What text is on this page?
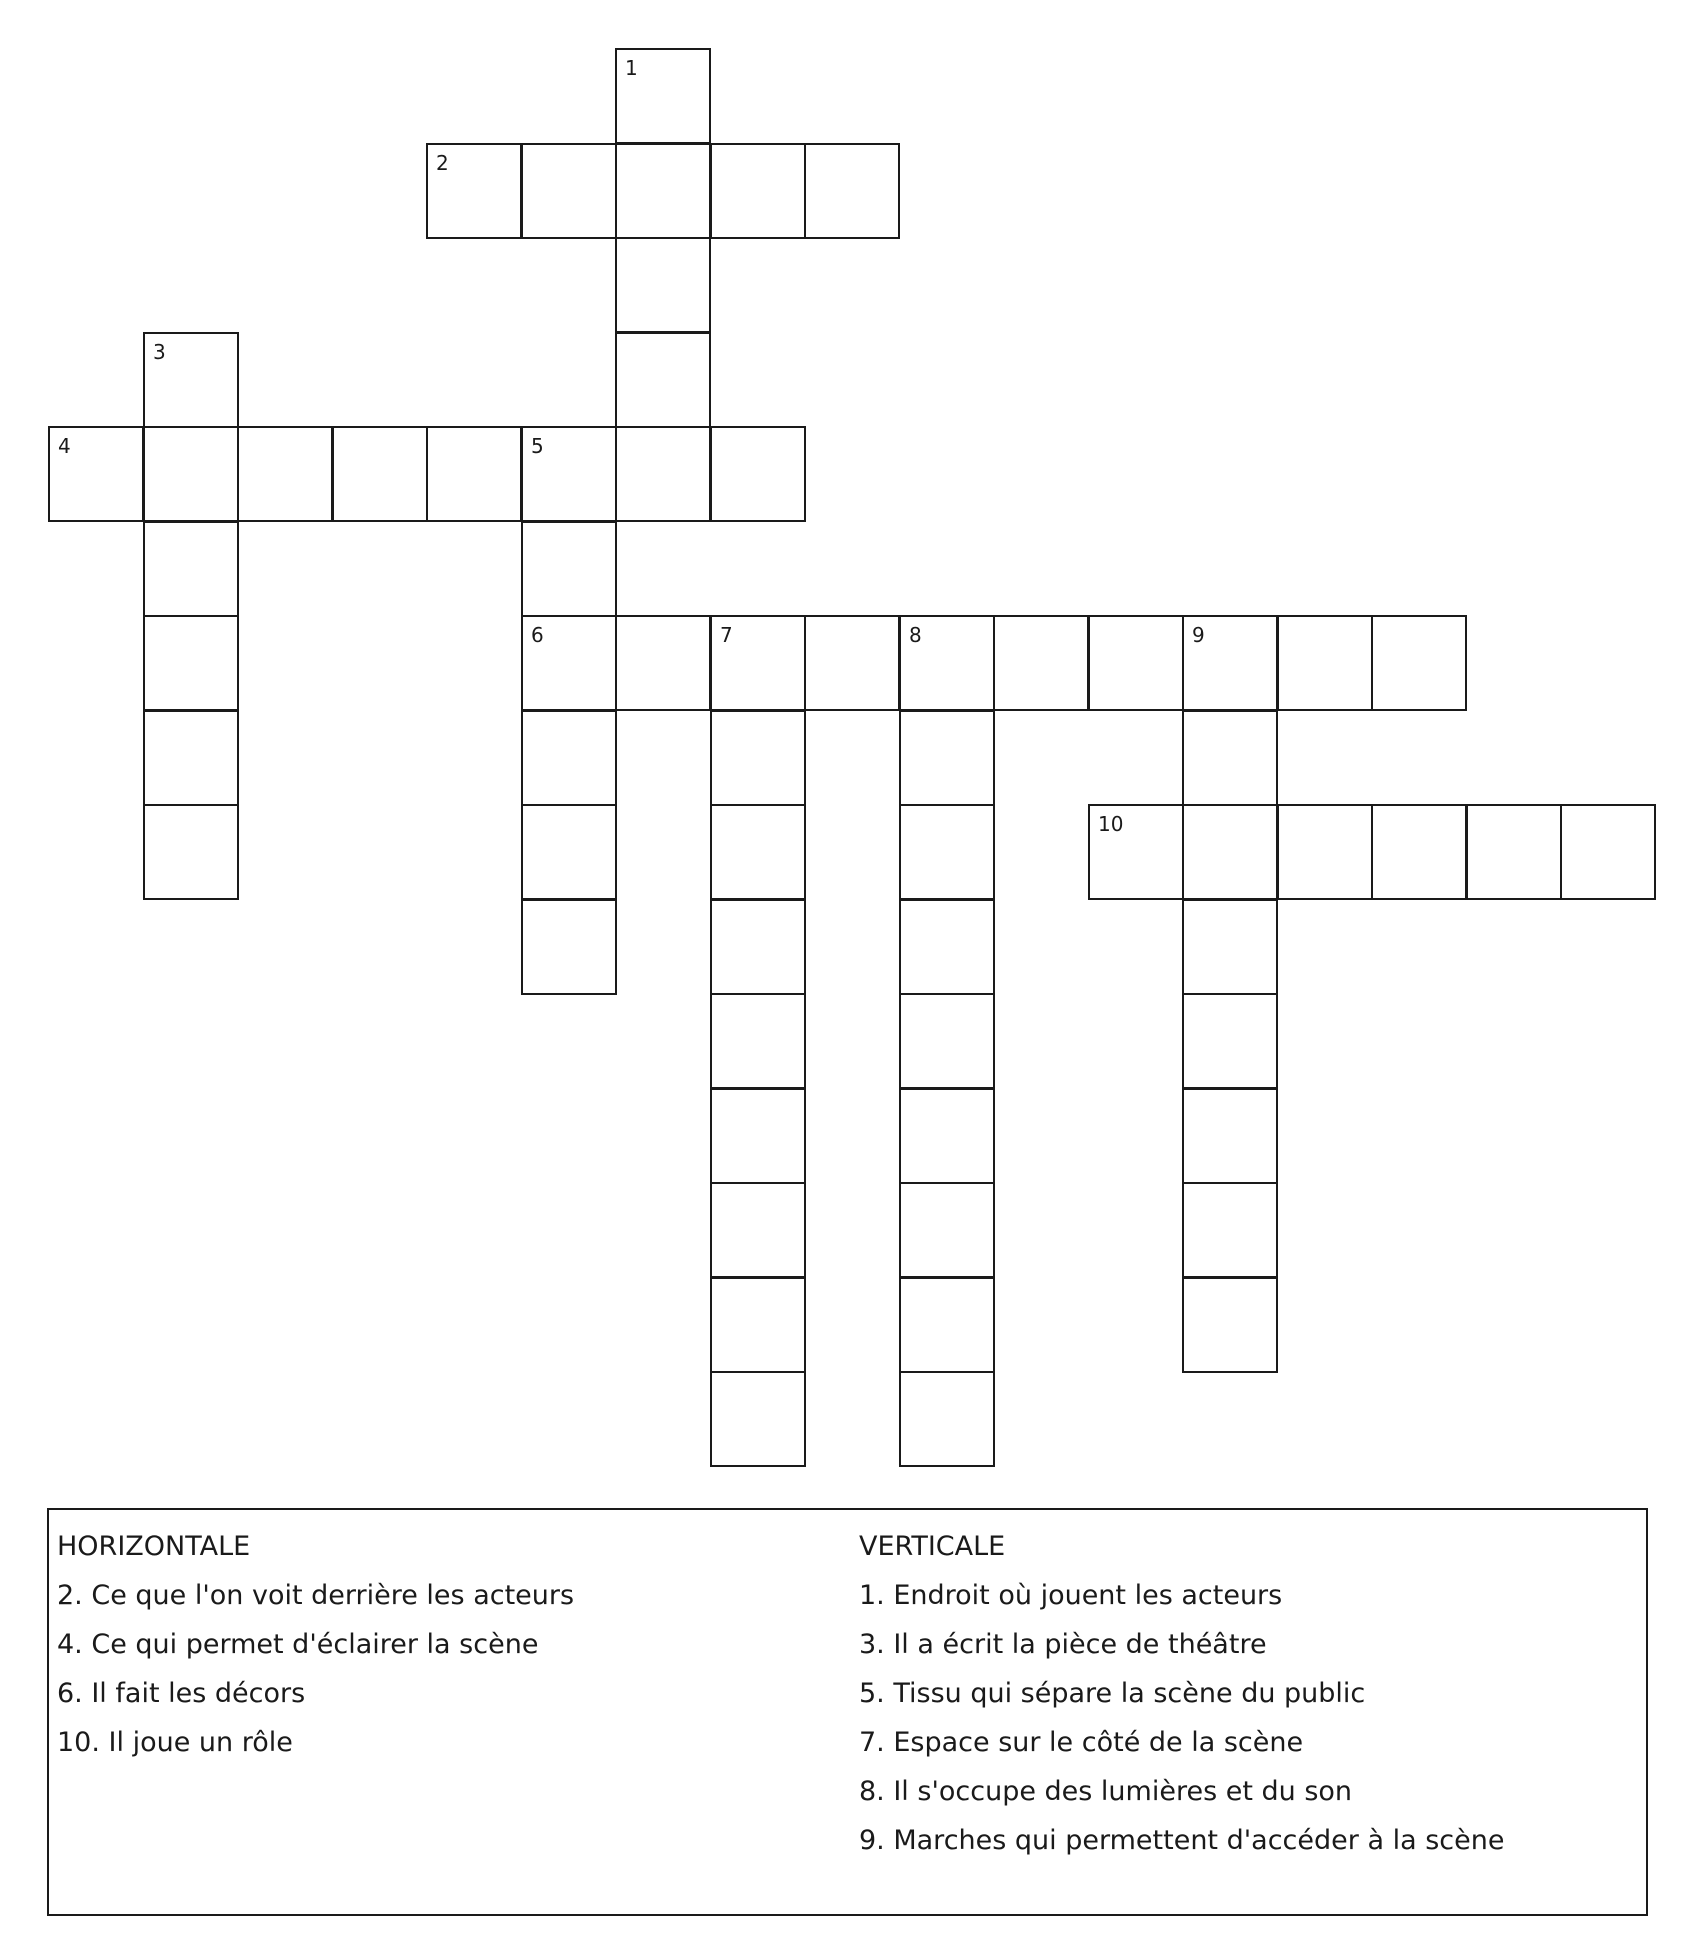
1
2
3
4	5
6	7	8	9
10
HORIZONTALE
2. Ce que l'on voit derrière les acteurs
4. Ce qui permet d'éclairer la scène
6. Il fait les décors
10. Il joue un rôle
VERTICALE
1. Endroit où jouent les acteurs
3. Il a écrit la pièce de théâtre
5. Tissu qui sépare la scène du public
7. Espace sur le côté de la scène
8. Il s'occupe des lumières et du son
9. Marches qui permettent d'accéder à la scène
